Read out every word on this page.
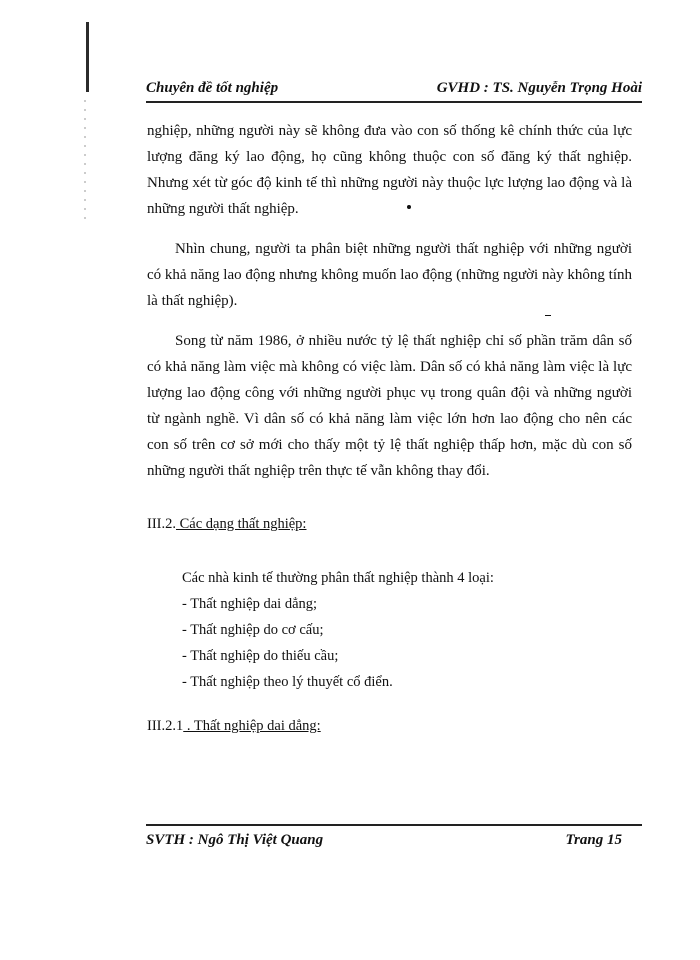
Chuyên đề tốt nghiệp	GVHD : TS. Nguyễn Trọng Hoài

nghiệp, những người này sẽ không đưa vào con số thống kê chính thức của lực lượng đăng ký lao động, họ cũng không thuộc con số đăng ký thất nghiệp. Nhưng xét từ góc độ kinh tế thì những người này thuộc lực lượng lao động và là những người thất nghiệp.

Nhìn chung, người ta phân biệt những người thất nghiệp với những người có khả năng lao động nhưng không muốn lao động (những người này không tính là thất nghiệp).

Song từ năm 1986, ở nhiều nước tỷ lệ thất nghiệp chỉ số phần trăm dân số có khả năng làm việc mà không có việc làm. Dân số có khả năng làm việc là lực lượng lao động công với những người phục vụ trong quân đội và những người từ ngành nghề. Vì dân số có khả năng làm việc lớn hơn lao động cho nên các con số trên cơ sở mới cho thấy một tỷ lệ thất nghiệp thấp hơn, mặc dù con số những người thất nghiệp trên thực tế vẫn không thay đổi.

III.2. Các dạng thất nghiệp:
Các nhà kinh tế thường phân thất nghiệp thành 4 loại:
- Thất nghiệp dai dẳng;
- Thất nghiệp do cơ cấu;
- Thất nghiệp do thiếu cầu;
- Thất nghiệp theo lý thuyết cổ điển.
III.2.1 . Thất nghiệp dai dẳng:
SVTH : Ngô Thị Việt Quang	Trang 15
